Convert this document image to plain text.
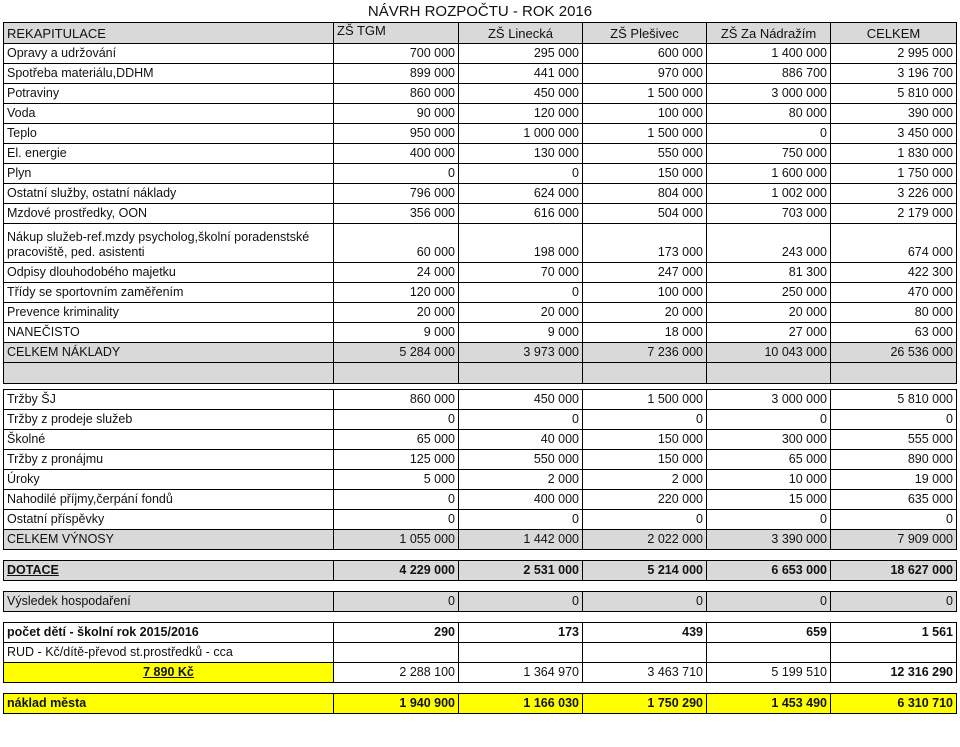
NÁVRH ROZPOČTU - ROK 2016
REKAPITULACE	ZŠ TGM	ZŠ Linecká	ZŠ Plešivec	ZŠ Za Nádražím	CELKEM
Opravy a udržování	700 000	295 000	600 000	1 400 000	2 995 000
Spotřeba materiálu,DDHM	899 000	441 000	970 000	886 700	3 196 700
Potraviny	860 000	450 000	1 500 000	3 000 000	5 810 000
Voda	90 000	120 000	100 000	80 000	390 000
Teplo	950 000	1 000 000	1 500 000	0	3 450 000
El. energie	400 000	130 000	550 000	750 000	1 830 000
Plyn	0	0	150 000	1 600 000	1 750 000
Ostatní služby, ostatní náklady	796 000	624 000	804 000	1 002 000	3 226 000
Mzdové prostředky, OON	356 000	616 000	504 000	703 000	2 179 000
Nákup služeb-ref.mzdy psycholog,školní poradenstské pracoviště, ped. asistenti	60 000	198 000	173 000	243 000	674 000
Odpisy dlouhodobého majetku	24 000	70 000	247 000	81 300	422 300
Třídy se sportovním zaměřením	120 000	0	100 000	250 000	470 000
Prevence kriminality	20 000	20 000	20 000	20 000	80 000
NANEČISTO	9 000	9 000	18 000	27 000	63 000
CELKEM NÁKLADY	5 284 000	3 973 000	7 236 000	10 043 000	26 536 000

Tržby ŠJ	860 000	450 000	1 500 000	3 000 000	5 810 000
Tržby z prodeje služeb	0	0	0	0	0
Školné	65 000	40 000	150 000	300 000	555 000
Tržby z pronájmu	125 000	550 000	150 000	65 000	890 000
Úroky	5 000	2 000	2 000	10 000	19 000
Nahodilé příjmy,čerpání fondů	0	400 000	220 000	15 000	635 000
Ostatní příspěvky	0	0	0	0	0
CELKEM VÝNOSY	1 055 000	1 442 000	2 022 000	3 390 000	7 909 000

DOTACE	4 229 000	2 531 000	5 214 000	6 653 000	18 627 000

Výsledek hospodaření	0	0	0	0	0

počet dětí - školní rok 2015/2016	290	173	439	659	1 561
RUD - Kč/dítě-převod st.prostředků - cca					
7 890 Kč	2 288 100	1 364 970	3 463 710	5 199 510	12 316 290

náklad města	1 940 900	1 166 030	1 750 290	1 453 490	6 310 710
